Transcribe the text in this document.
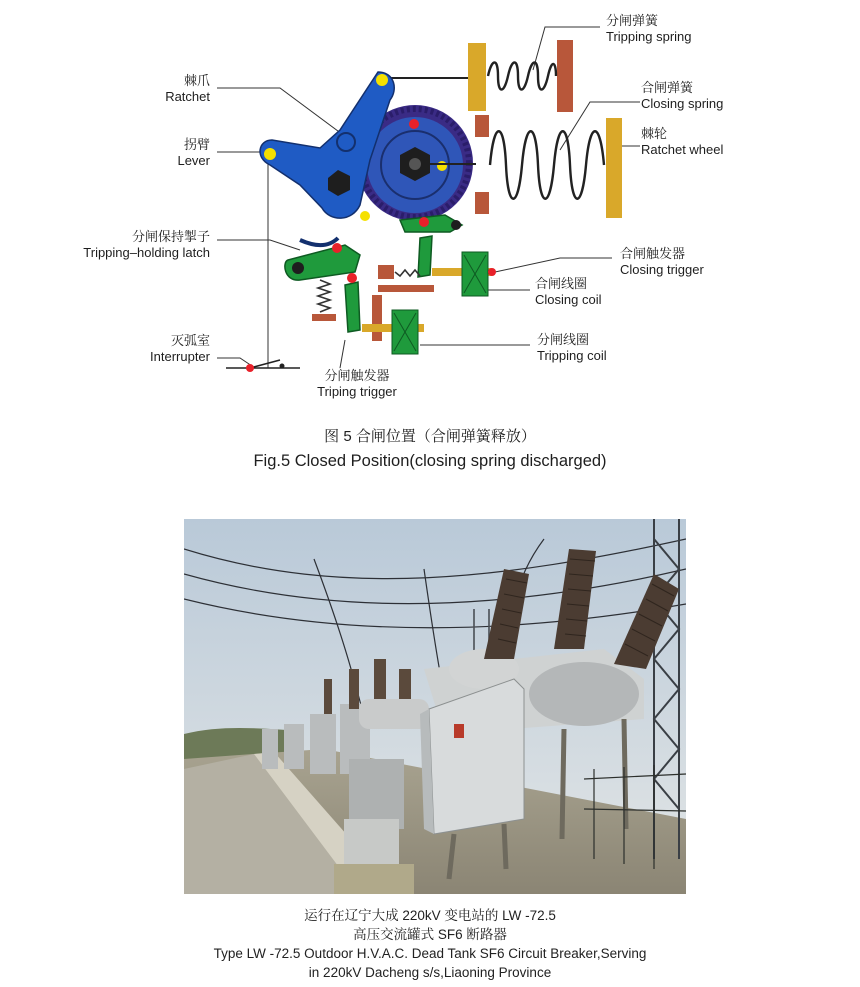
分闸弹簧
Tripping spring
棘爪
Ratchet
合闸弹簧
Closing spring
棘轮
Ratchet wheel
拐臂
Lever
分闸保持掣子
Tripping–holding latch	合闸触发器
Closing trigger
合闸线圈
Closing coil
分闸线圈
Tripping coil
灭弧室
Interrupter
分闸触发器
Triping trigger
图 5 合闸位置（合闸弹簧释放）
Fig.5 Closed Position(closing spring discharged)
运行在辽宁大成 220kV 变电站的 LW -72.5
高压交流罐式 SF6 断路器
Type LW -72.5 Outdoor H.V.A.C. Dead Tank SF6 Circuit Breaker,Serving
in 220kV Dacheng s/s,Liaoning Province
